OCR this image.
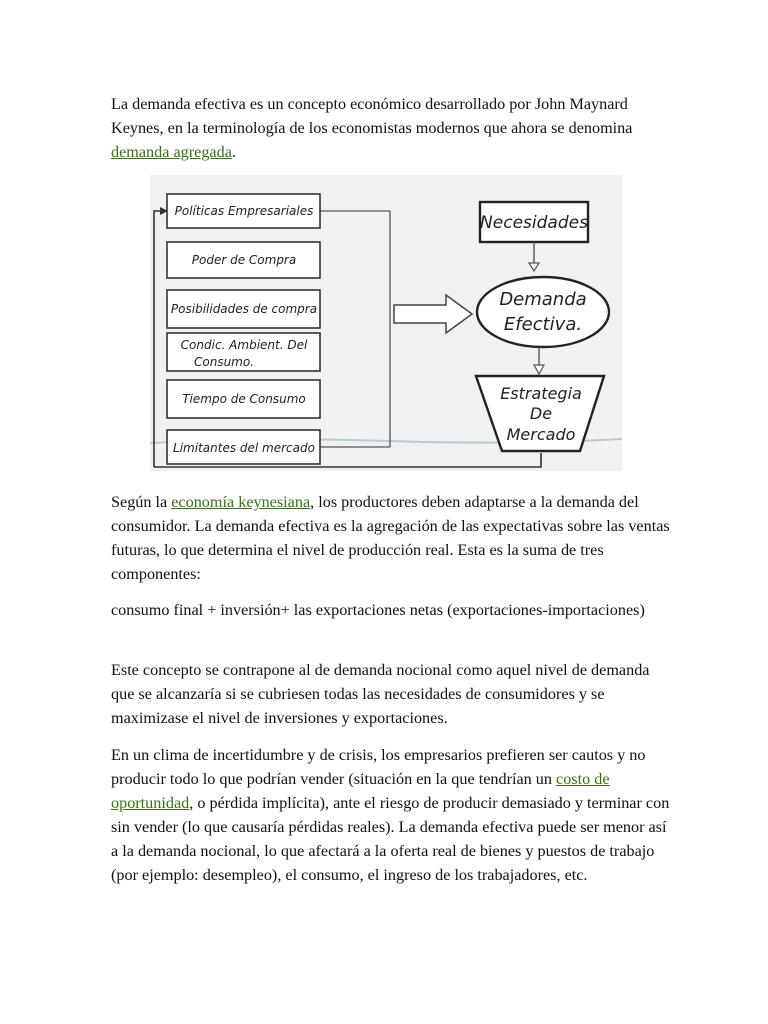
La demanda efectiva es un concepto económico desarrollado por John Maynard Keynes, en la terminología de los economistas modernos que ahora se denomina demanda agregada.

Políticas Empresariales
Poder de Compra
Posibilidades de compra
Condic. Ambient. Del
Consumo.
Tiempo de Consumo
Limitantes del mercado
Necesidades
Demanda
Efectiva.
Estrategia
De
Mercado

Según la economía keynesiana, los productores deben adaptarse a la demanda del consumidor. La demanda efectiva es la agregación de las expectativas sobre las ventas futuras, lo que determina el nivel de producción real. Esta es la suma de tres componentes:

consumo final + inversión+ las exportaciones netas (exportaciones-importaciones)

Este concepto se contrapone al de demanda nocional como aquel nivel de demanda que se alcanzaría si se cubriesen todas las necesidades de consumidores y se maximizase el nivel de inversiones y exportaciones.

En un clima de incertidumbre y de crisis, los empresarios prefieren ser cautos y no producir todo lo que podrían vender (situación en la que tendrían un costo de oportunidad, o pérdida implícita), ante el riesgo de producir demasiado y terminar con sin vender (lo que causaría pérdidas reales). La demanda efectiva puede ser menor así a la demanda nocional, lo que afectará a la oferta real de bienes y puestos de trabajo (por ejemplo: desempleo), el consumo, el ingreso de los trabajadores, etc.
